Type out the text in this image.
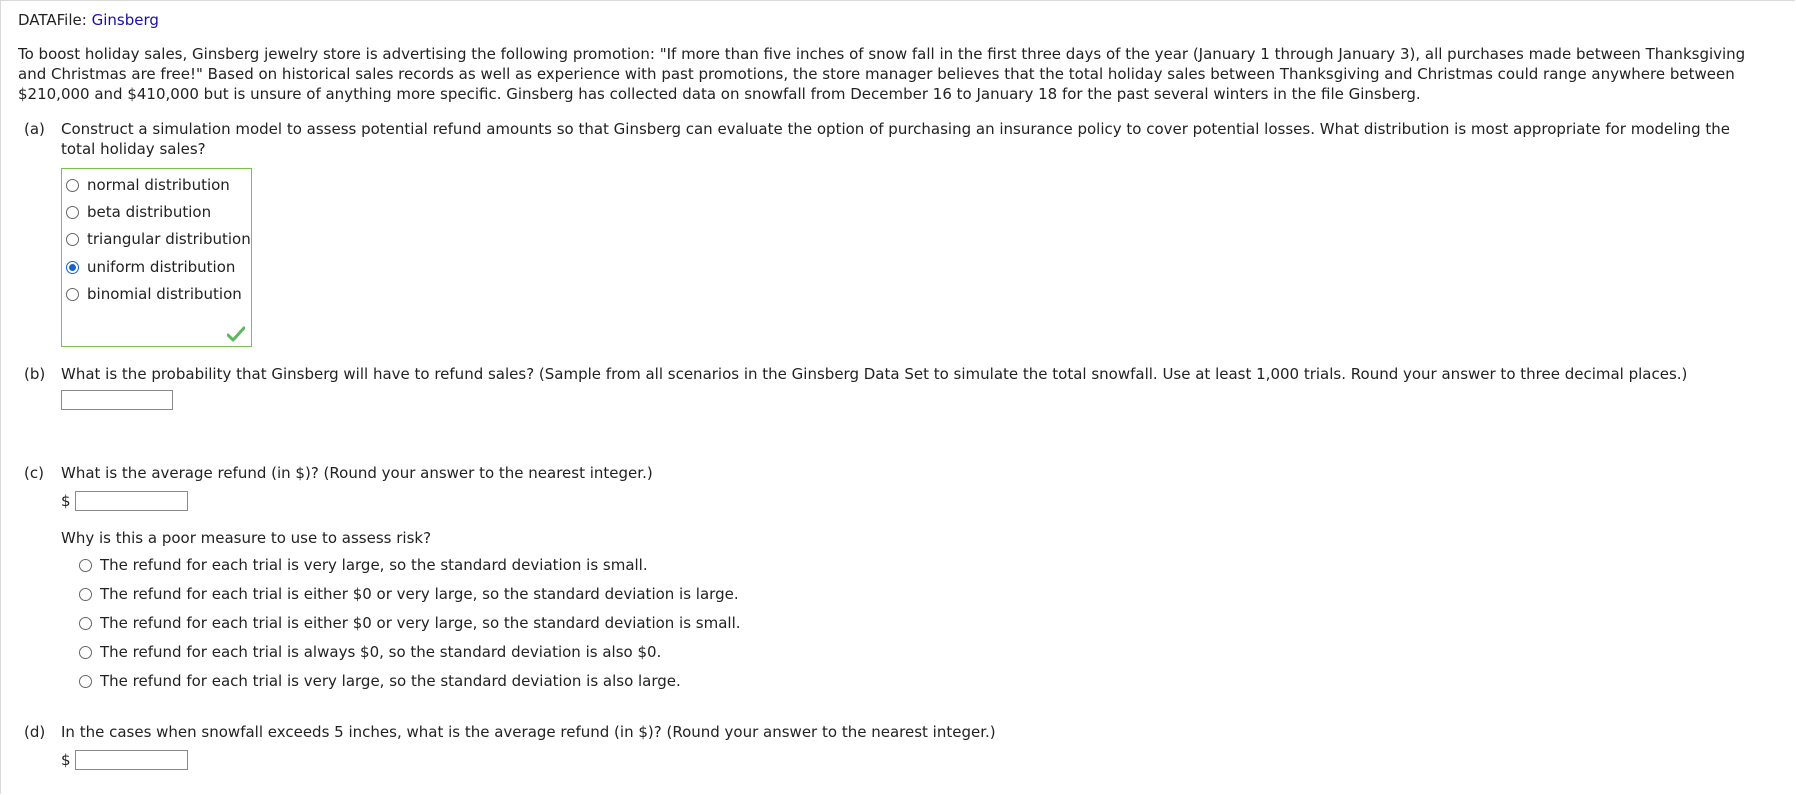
DATAFile: Ginsberg
To boost holiday sales, Ginsberg jewelry store is advertising the following promotion: "If more than five inches of snow fall in the first three days of the year (January 1 through January 3), all purchases made between Thanksgiving and Christmas are free!" Based on historical sales records as well as experience with past promotions, the store manager believes that the total holiday sales between Thanksgiving and Christmas could range anywhere between $210,000 and $410,000 but is unsure of anything more specific. Ginsberg has collected data on snowfall from December 16 to January 18 for the past several winters in the file Ginsberg.
(a) Construct a simulation model to assess potential refund amounts so that Ginsberg can evaluate the option of purchasing an insurance policy to cover potential losses. What distribution is most appropriate for modeling the total holiday sales?
normal distribution
beta distribution
triangular distribution
uniform distribution
binomial distribution
(b) What is the probability that Ginsberg will have to refund sales? (Sample from all scenarios in the Ginsberg Data Set to simulate the total snowfall. Use at least 1,000 trials. Round your answer to three decimal places.)
(c) What is the average refund (in $)? (Round your answer to the nearest integer.)
$
Why is this a poor measure to use to assess risk?
The refund for each trial is very large, so the standard deviation is small.
The refund for each trial is either $0 or very large, so the standard deviation is large.
The refund for each trial is either $0 or very large, so the standard deviation is small.
The refund for each trial is always $0, so the standard deviation is also $0.
The refund for each trial is very large, so the standard deviation is also large.
(d) In the cases when snowfall exceeds 5 inches, what is the average refund (in $)? (Round your answer to the nearest integer.)
$
